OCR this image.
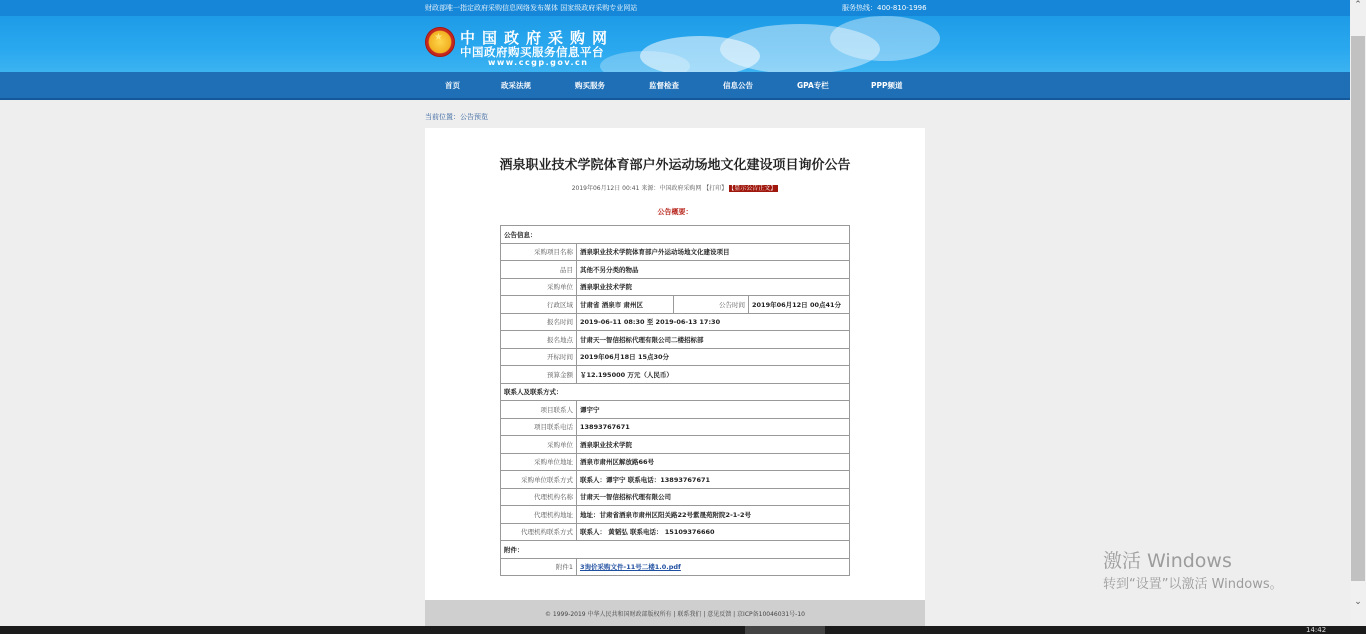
财政部唯一指定政府采购信息网络发布媒体 国家级政府采购专业网站	服务热线：400-810-1996
★ 中国政府采购网
中国政府购买服务信息平台
www.ccgp.gov.cn
首页	政采法规	购买服务	监督检查	信息公告	GPA专栏	PPP频道
当前位置：公告预览
酒泉职业技术学院体育部户外运动场地文化建设项目询价公告
2019年06月12日 00:41 来源：中国政府采购网 【打印】 【显示公告正文】
公告概要：
公告信息：			
采购项目名称	酒泉职业技术学院体育部户外运动场地文化建设项目		
品目	其他不另分类的物品		
采购单位	酒泉职业技术学院		
行政区域	甘肃省 酒泉市 肃州区	公告时间	2019年06月12日 00点41分
报名时间	2019-06-11 08:30 至 2019-06-13 17:30		
报名地点	甘肃天一智信招标代理有限公司二楼招标部		
开标时间	2019年06月18日 15点30分		
预算金额	￥12.195000 万元（人民币）		
联系人及联系方式：			
项目联系人	谭宇宁		
项目联系电话	13893767671		
采购单位	酒泉职业技术学院		
采购单位地址	酒泉市肃州区解放路66号		
采购单位联系方式	联系人：谭宇宁 联系电话：13893767671		
代理机构名称	甘肃天一智信招标代理有限公司		
代理机构地址	地址：甘肃省酒泉市肃州区阳关路22号紫晟苑附院2-1-2号		
代理机构联系方式	联系人： 黄韬弘 联系电话： 15109376660		
附件：			
附件1	3询价采购文件-11号二楼1.0.pdf		
© 1999-2019 中华人民共和国财政部版权所有 | 联系我们 | 意见反馈 | 京ICP备10046031号-10
⌃
⌄
激活 Windows
转到“设置”以激活 Windows。
14:42
